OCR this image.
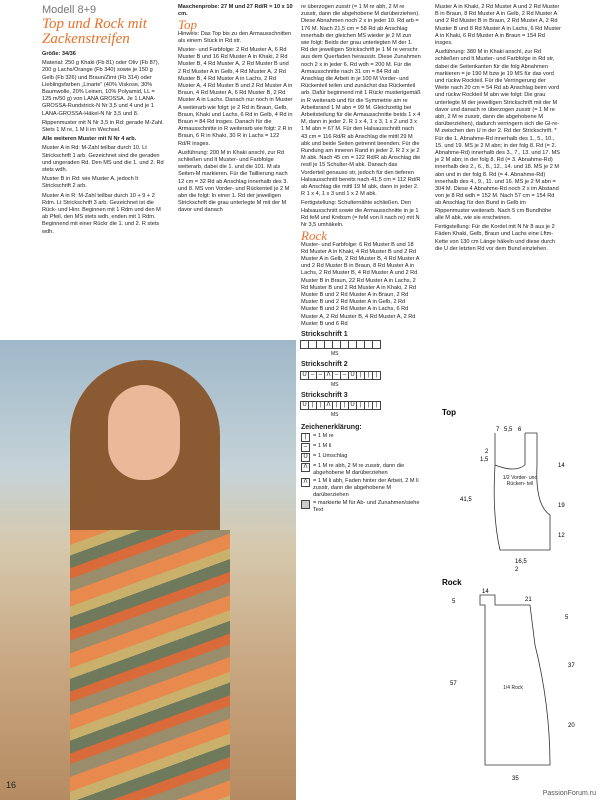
Modell 8+9
Top und Rock mit Zackenstreifen

Größe: 34/36

Material: 250 g Khaki (Fb 81) oder Oliv (Fb 87), 200 g Lachs/Orange (Fb 340) sowie je 150 g Gelb (Fb 326) und Braun/Zimt (Fb 314) oder Lieblingsfarben „Linarte“ (40% Viskose, 30% Baumwolle, 20% Leinen, 10% Polyamid, LL = 125 m/50 g) von LANA GROSSA. Je 1 LANA-GROSSA-Rundstrick-N Nr 3,5 und 4 und je 1 LANA-GROSSA-Häkel-N Nr 3,5 und 8.

Rippenmuster mit N Nr 3,5 in Rd: gerade M-Zahl. Stets 1 M re, 1 M li im Wechsel.

Alle weiteren Muster mit N Nr 4 arb.

Muster A in Rd: M-Zahl teilbar durch 10. Lt Strickschrift 1 arb. Gezeichnet sind die geraden und ungeraden Rd. Den MS und die 1. und 2. Rd stets wdh.

Muster B in Rd: wie Muster A, jedoch lt Strickschrift 2 arb.

Muster A in R: M-Zahl teilbar durch 10 + 9 + 2 Rdm. Lt Strickschrift 3 arb. Gezeichnet ist die Rück- und Hinr. Beginnen mit 1 Rdm und den M ab Pfeil, den MS stets wdh, enden mit 1 Rdm. Beginnend mit einer Rückr die 1. und 2. R stets wdh.

Maschenprobe: 27 M und 27 Rd/R = 10 x 10 cm.

Top

Hinweis: Das Top bis zu den Armausschnitten als einem Stück in Rd str.

Muster- und Farbfolge: 2 Rd Muster A, 6 Rd Muster B und 16 Rd Muster A in Khaki, 2 Rd Muster B, 4 Rd Muster A, 2 Rd Muster B und 2 Rd Muster A in Gelb, 4 Rd Muster A, 2 Rd Muster B, 4 Rd Muster A in Lachs, 2 Rd Muster A, 4 Rd Muster B und 2 Rd Muster A in Braun, 4 Rd Muster A, 6 Rd Muster B, 2 Rd Muster A in Lachs. Danach nur noch in Muster A weiterarb wie folgt: je 2 Rd in Braun, Gelb, Braun, Khaki und Lachs, 6 Rd in Gelb, 4 Rd in Braun = 84 Rd insges. Danach für die Armausschnitte in R weiterarb wie folgt: 2 R in Braun, 6 R in Khaki, 30 R in Lachs = 122 Rd/R insges.

Ausführung: 200 M in Khaki anschl, zur Rd schließen und lt Muster- und Farbfolge weiterarb, dabei die 1. und die 101. M als Seiten-M markieren. Für die Taillierung nach 12 cm = 32 Rd ab Anschlag innerhalb des 3. und 8. MS von Vorder- und Rückenteil je 2 M abn die folgt: In einer 1. Rd der jeweiligen Strickschrift die grau unterlegte M mit der M davor und danach

16

re überzogen zusstr (= 1 M re abh, 2 M re zusstr, dann die abgehobene M darüberziehen). Diese Abnahmen noch 2 x in jeder 10. Rd arb = 176 M. Nach 21,5 cm = 58 Rd ab Anschlag innerhalb der gleichen MS wieder je 2 M zun wie folgt: Beids der grau unterlegten M der 1. Rd der jeweiligen Strickschrift je 1 M re verschr aus dem Querfaden herausstr. Diese Zunahmen noch 2 x in jeder 6. Rd wdh = 200 M. Für die Armausschnitte nach 31 cm = 84 Rd ab Anschlag die Arbeit in je 100 M Vorder- und Rückenteil teilen und zunächst das Rückenteil arb. Dafür beginnend mit 1 Rückr musterigemäß in R weiterarb und für die Symmetrie am re Arbeitsrand 1 M abn = 99 M. Gleichzeitig bei Arbeitsteilung für die Armausschnitte beids 1 x 4 M, dann in jeder 2. R 1 x 4, 1 x 3, 1 x 2 und 3 x 1 M abn = 67 M. Für den Halsausschnitt nach 43 cm = 116 Rd/R ab Anschlag die mittl 29 M abk und beide Seiten getrennt beenden. Für die Rundung am inneren Rand in jeder 2. R 2 x je 2 M abk. Nach 45 cm = 122 Rd/R ab Anschlag die restl je 15 Schulter-M abk. Danach das Vorderteil genauso str, jedoch für den tieferen Halsausschnitt bereits nach 41,5 cm = 112 Rd/R ab Anschlag die mittl 19 M abk, dann in jeder 2. R 1 x 4, 1 x 3 und 1 x 2 M abk.

Fertigstellung: Schulternähte schließen. Den Halsausschnitt sowie die Armausschnitte in je 1 Rd feM und Krebsm (= feM von li nach re) mit N Nr 3,5 umhäkeln.

Rock

Muster- und Farbfolge: 6 Rd Muster B und 18 Rd Muster A in Khaki, 4 Rd Muster B und 2 Rd Muster A in Gelb, 2 Rd Muster B, 4 Rd Muster A und 2 Rd Muster B in Braun, 8 Rd Muster A in Lachs, 2 Rd Muster B, 4 Rd Muster A und 2 Rd Muster B in Braun, 22 Rd Muster A in Lachs, 2 Rd Muster B und 2 Rd Muster A in Khaki, 2 Rd Muster B und 2 Rd Muster A in Braun, 2 Rd Muster B und 2 Rd Muster A in Gelb, 2 Rd Muster B und 2 Rd Muster A in Lachs, 6 Rd Muster A, 2 Rd Muster B, 4 Rd Muster A, 2 Rd Muster B und 6 Rd

Strickschrift 1
MS
Strickschrift 2
U – – Λ – – U |	|	|
MS
Strickschrift 3
U |	| Λ |	| U |	|	|
MS
Zeichenerklärung:
|	= 1 M re
–	= 1 M li
U = 1 Umschlag
Λ = 1 M re abh, 2 M re zusstr, dann die abgehobene M darüberziehen
Λ = 1 M li abh, Faden hinter der Arbeit, 2 M li zusstr, dann die abgehobene M darüberziehen
= markierte M für Ab- und Zunahmen/siehe Text

Muster A in Khaki, 2 Rd Muster A und 2 Rd Muster B in Braun, 8 Rd Muster A in Gelb, 2 Rd Muster A und 2 Rd Muster B in Braun, 2 Rd Muster A, 2 Rd Muster B und 8 Rd Muster A in Lachs, 6 Rd Muster A in Khaki, 6 Rd Muster A in Braun = 154 Rd insges.

Ausführung: 380 M in Khaki anschl, zur Rd schließen und lt Muster- und Farbfolge in Rd str, dabei die Seitenkanten für die folg Abnahmen markieren = je 190 M bzw je 19 MS für das vord und rückw Rockteil. Für die Verringerung der Weite nach 20 cm = 54 Rd ab Anschlag beim vord und rückw Rockteil M abn wie folgt: Die grau unterlegte M der jeweiligen Strickschrift mit der M davor und danach re überzogen zusstr (= 1 M re abh, 2 M re zusstr, dann die abgehobene M darüberziehen), dadurch verringern sich die Gl-re-M zwischen den U in der 2. Rd der Strickschrift. * Für die 1. Abnahme-Rd innerhalb des 1., 5., 10., 15. und 19. MS je 2 M abn; in der folg 8. Rd (= 2. Abnahme-Rd) innerhalb des 3., 7., 13. und 17. MS je 2 M abn; in der folg 8. Rd (= 3. Abnahme-Rd) innerhalb des 2., 6., 8., 12., 14. und 18. MS je 2 M abn und in der folg 8. Rd (= 4. Abnahme-Rd) innerhalb des 4., 9., 11. und 16. MS je 2 M abn = 304 M. Diese 4 Abnahme-Rd noch 2 x im Abstand von je 8 Rd wdh = 152 M. Nach 57 cm = 154 Rd ab Anschlag für den Bund in Gelb im Rippenmuster weiterarb. Nach 5 cm Bundhöhe alle M abk, wie sie erscheinen.

Fertigstellung: Für die Kordel mit N Nr 8 aus je 2 Fäden Khaki, Gelb, Braun und Lachs eine Lftm-Kette von 130 cm Länge häkeln und diese durch die U der letzten Rd vor dem Bund einziehen.

Top
7 5,5 6
2
1,5
14
41,5
19
12
16,5
2
1/2 Vorder- und Rücken- teil
Rock
14
21
5
5
57
37
20
35
1/4 Rock
PassionForum.ru
